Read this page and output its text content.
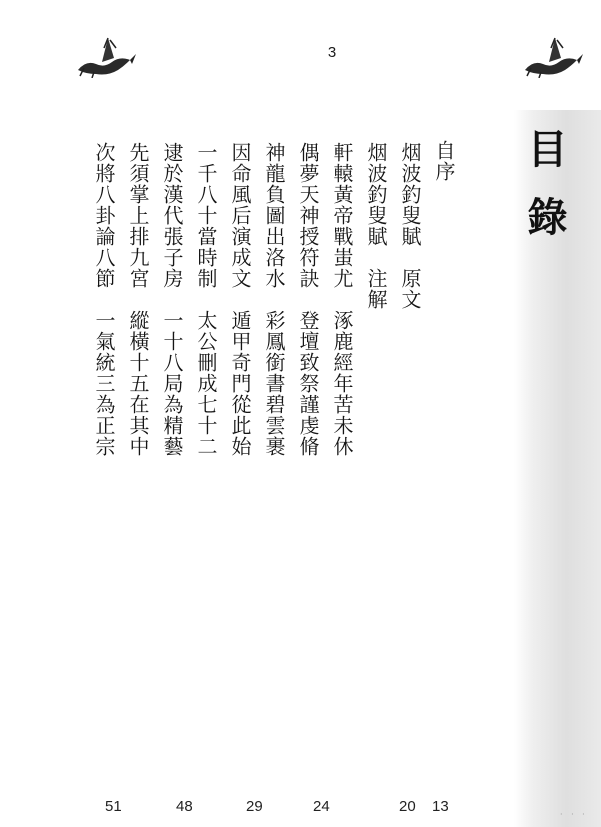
3
目錄
自序
烟波釣叟賦　原文
烟波釣叟賦　注解
軒轅黃帝戰蚩尤　涿鹿經年苦未休
偶夢天神授符訣　登壇致祭謹虔脩
神龍負圖出洛水　彩鳳銜書碧雲裹
因命風后演成文　遁甲奇門從此始
一千八十當時制　太公刪成七十二
逮於漢代張子房　一十八局為精藝
先須掌上排九宮　縱橫十五在其中
次將八卦論八節　一氣統三為正宗
13
20
24
29
48
51	· · ·
